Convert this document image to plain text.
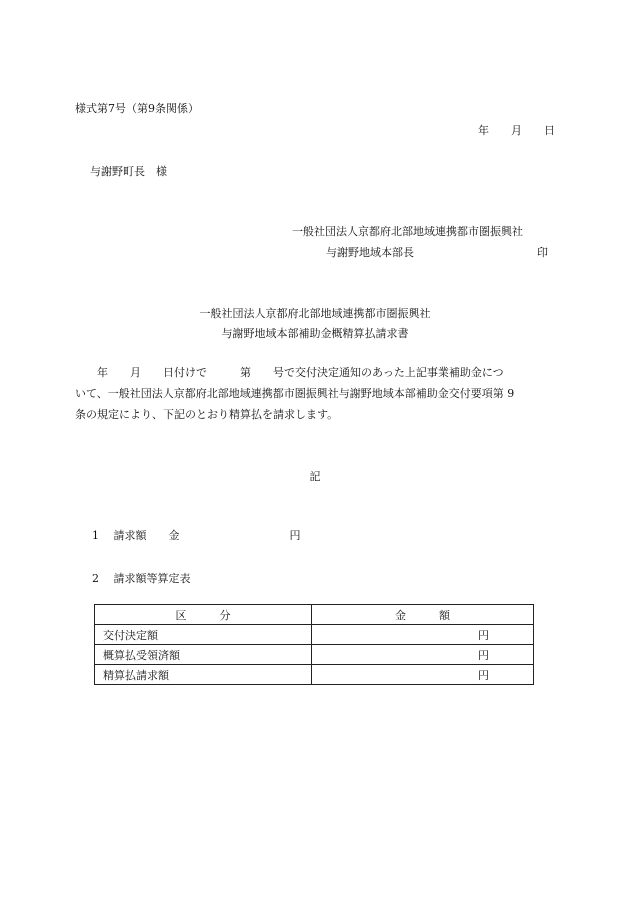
様式第7号（第9条関係）
年 月 日
与謝野町長　様
一般社団法人京都府北部地域連携都市圏振興社
与謝野地域本部長	印
一般社団法人京都府北部地域連携都市圏振興社
与謝野地域本部補助金概精算払請求書

　　年　　月　　日付けで　　　第　　号で交付決定通知のあった上記事業補助金につ

いて、一般社団法人京都府北部地域連携都市圏振興社与謝野地域本部補助金交付要項第 9

条の規定により、下記のとおり精算払を請求します。

記
1　 請求額　　金　　　　　　　　　　円
2　 請求額等算定表
区　　　分	金　　　額
交付決定額	円
概算払受領済額	円
精算払請求額	円
